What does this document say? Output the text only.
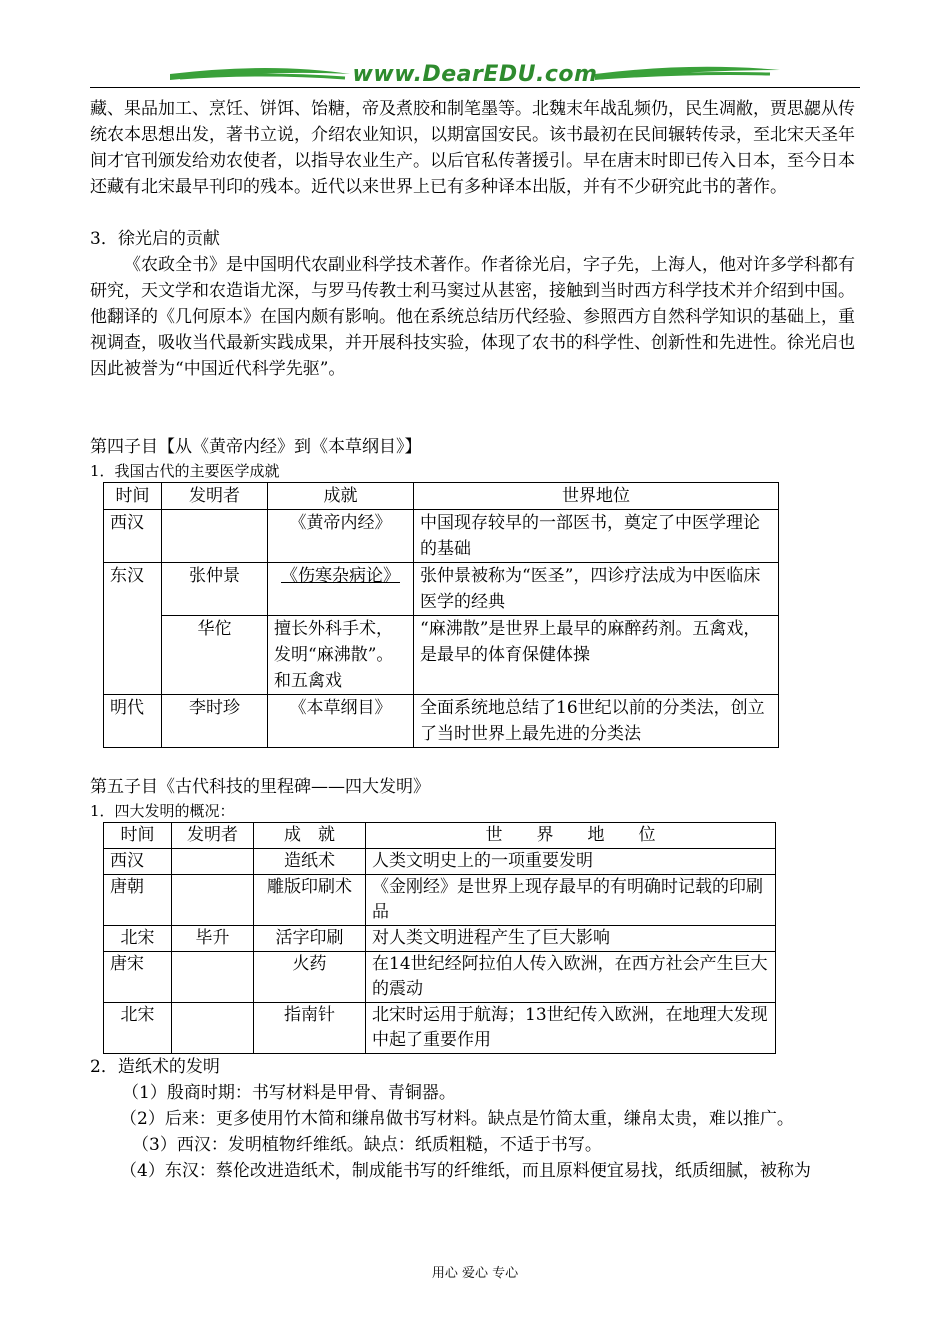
www.DearEDU.com

藏、果品加工、烹饪、饼饵、饴糖，帝及煮胶和制笔墨等。北魏末年战乱频仍，民生凋敝，贾思勰从传统农本思想出发，著书立说，介绍农业知识，以期富国安民。该书最初在民间辗转传录，至北宋天圣年间才官刊颁发给劝农使者，以指导农业生产。以后官私传著援引。早在唐末时即已传入日本，至今日本还藏有北宋最早刊印的残本。近代以来世界上已有多种译本出版，并有不少研究此书的著作。

3．徐光启的贡献

《农政全书》是中国明代农副业科学技术著作。作者徐光启，字子先，上海人，他对许多学科都有研究，天文学和农造诣尤深，与罗马传教士利马窦过从甚密，接触到当时西方科学技术并介绍到中国。他翻译的《几何原本》在国内颇有影响。他在系统总结历代经验、参照西方自然科学知识的基础上，重视调查，吸收当代最新实践成果，并开展科技实验，体现了农书的科学性、创新性和先进性。徐光启也因此被誉为“中国近代科学先驱”。

第四子目【从《黄帝内经》到《本草纲目》】

1．我国古代的主要医学成就

时间	发明者	成就	世界地位
西汉		《黄帝内经》	中国现存较早的一部医书，奠定了中医学理论的基础
东汉	张仲景	《伤寒杂病论》	张仲景被称为“医圣”，四诊疗法成为中医临床医学的经典
	华佗	擅长外科手术，发明“麻沸散”。和五禽戏	“麻沸散”是世界上最早的麻醉药剂。五禽戏，是最早的体育保健体操
明代	李时珍	《本草纲目》	全面系统地总结了16世纪以前的分类法，创立了当时世界上最先进的分类法

第五子目《古代科技的里程碑——四大发明》

1．四大发明的概况：

时间	发明者	成　就	世　　界　　地　　位
西汉		造纸术	人类文明史上的一项重要发明
唐朝		雕版印刷术	《金刚经》是世界上现存最早的有明确时记载的印刷品
北宋	毕升	活字印刷	对人类文明进程产生了巨大影响
唐宋		火药	在14世纪经阿拉伯人传入欧洲，在西方社会产生巨大的震动
北宋		指南针	北宋时运用于航海；13世纪传入欧洲，在地理大发现中起了重要作用

2．造纸术的发明

（1）殷商时期：书写材料是甲骨、青铜器。

（2）后来：更多使用竹木简和缣帛做书写材料。缺点是竹简太重，缣帛太贵，难以推广。

（3）西汉：发明植物纤维纸。缺点：纸质粗糙，不适于书写。

（4）东汉：蔡伦改进造纸术，制成能书写的纤维纸，而且原料便宜易找，纸质细腻，被称为

用心 爱心 专心
